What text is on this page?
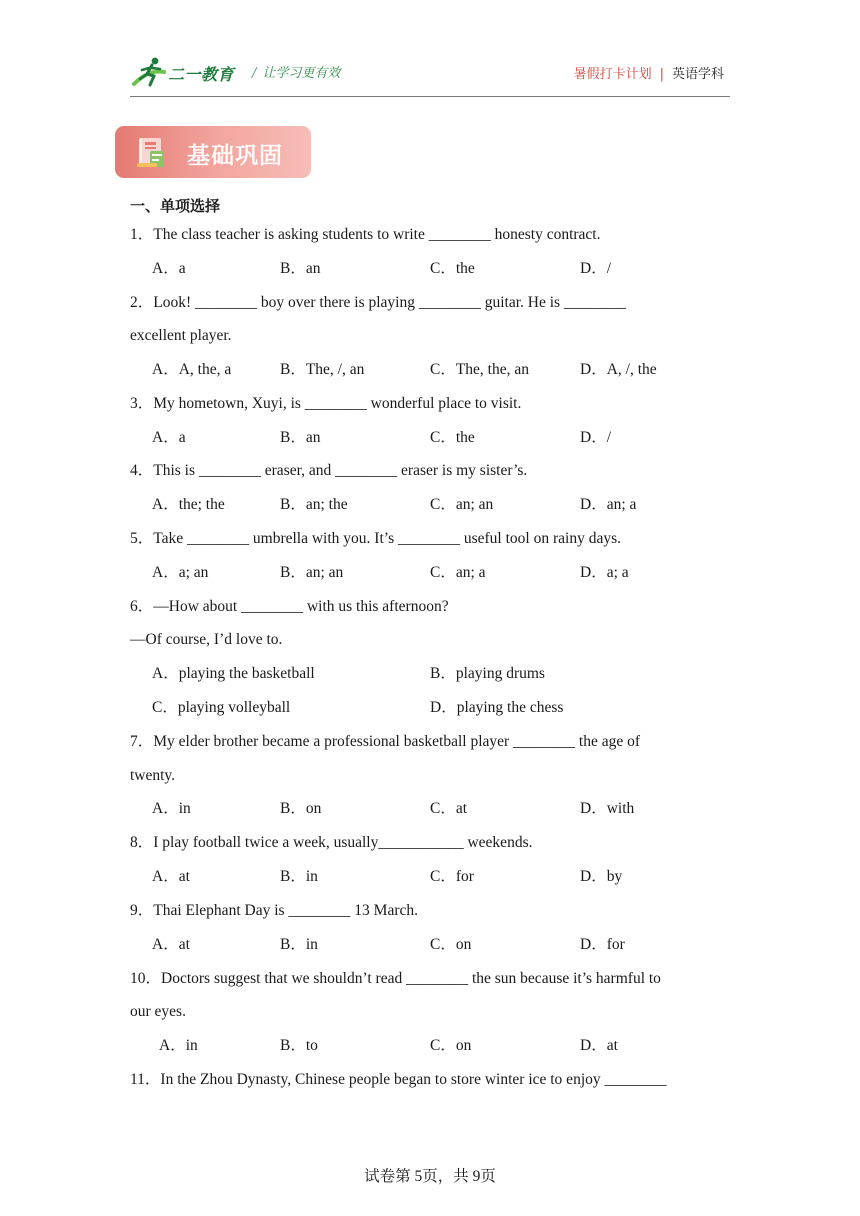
二一教育 / 让学习更有效	暑假打卡计划 | 英语学科
基础巩固
一、单项选择
1．The class teacher is asking students to write ________ honesty contract.
A．a	B．an	C．the	D．/
2．Look! ________ boy over there is playing ________ guitar. He is ________
excellent player.
A．A, the, a	B．The, /, an	C．The, the, an	D．A, /, the
3．My hometown, Xuyi, is ________ wonderful place to visit.
A．a	B．an	C．the	D．/
4．This is ________ eraser, and ________ eraser is my sister’s.
A．the; the	B．an; the	C．an; an	D．an; a
5．Take ________ umbrella with you. It’s ________ useful tool on rainy days.
A．a; an	B．an; an	C．an; a	D．a; a
6．—How about ________ with us this afternoon?
—Of course, I’d love to.
A．playing the basketball	B．playing drums
C．playing volleyball	D．playing the chess
7．My elder brother became a professional basketball player ________ the age of
twenty.
A．in	B．on	C．at	D．with
8．I play football twice a week, usually___________ weekends.
A．at	B．in	C．for	D．by
9．Thai Elephant Day is ________ 13 March.
A．at	B．in	C．on	D．for
10．Doctors suggest that we shouldn’t read ________ the sun because it’s harmful to
our eyes.
A．in	B．to	C．on	D．at
11．In the Zhou Dynasty, Chinese people began to store winter ice to enjoy ________
试卷第 5页，共 9页
